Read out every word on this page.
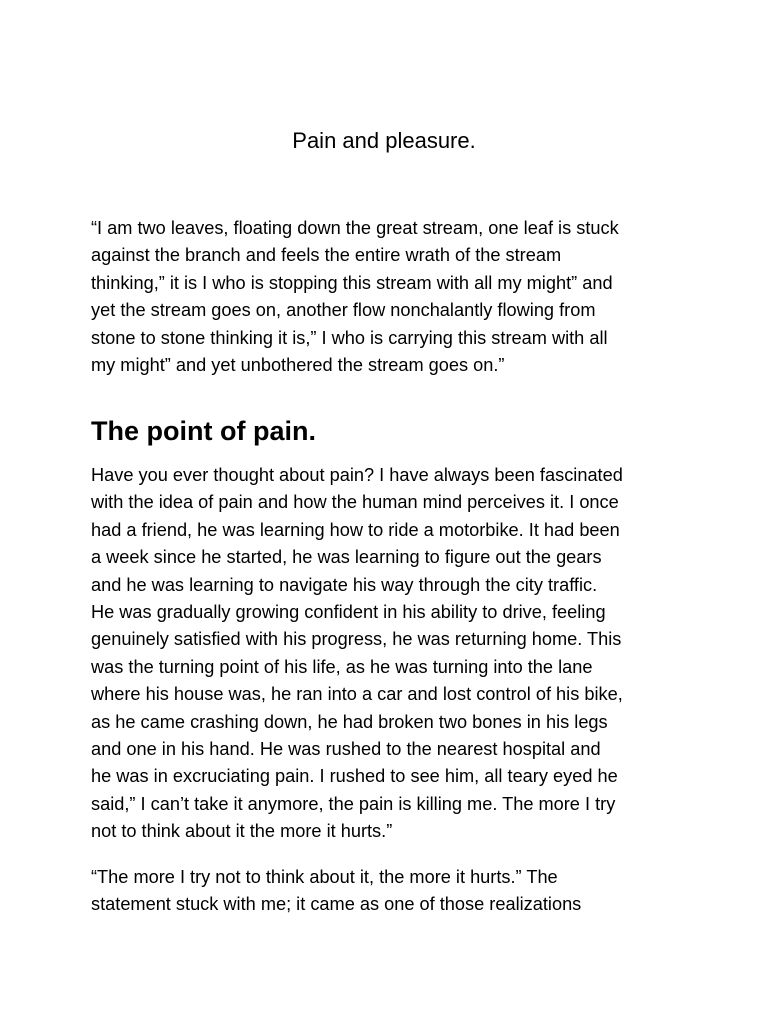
Pain and pleasure.

“I am two leaves, floating down the great stream, one leaf is stuck
against the branch and feels the entire wrath of the stream
thinking,” it is I who is stopping this stream with all my might” and
yet the stream goes on, another flow nonchalantly flowing from
stone to stone thinking it is,” I who is carrying this stream with all
my might” and yet unbothered the stream goes on.”

The point of pain.

Have you ever thought about pain? I have always been fascinated
with the idea of pain and how the human mind perceives it. I once
had a friend, he was learning how to ride a motorbike. It had been
a week since he started, he was learning to figure out the gears
and he was learning to navigate his way through the city traffic.
He was gradually growing confident in his ability to drive, feeling
genuinely satisfied with his progress, he was returning home. This
was the turning point of his life, as he was turning into the lane
where his house was, he ran into a car and lost control of his bike,
as he came crashing down, he had broken two bones in his legs
and one in his hand. He was rushed to the nearest hospital and
he was in excruciating pain. I rushed to see him, all teary eyed he
said,” I can’t take it anymore, the pain is killing me. The more I try
not to think about it the more it hurts.”

“The more I try not to think about it, the more it hurts.” The
statement stuck with me; it came as one of those realizations
